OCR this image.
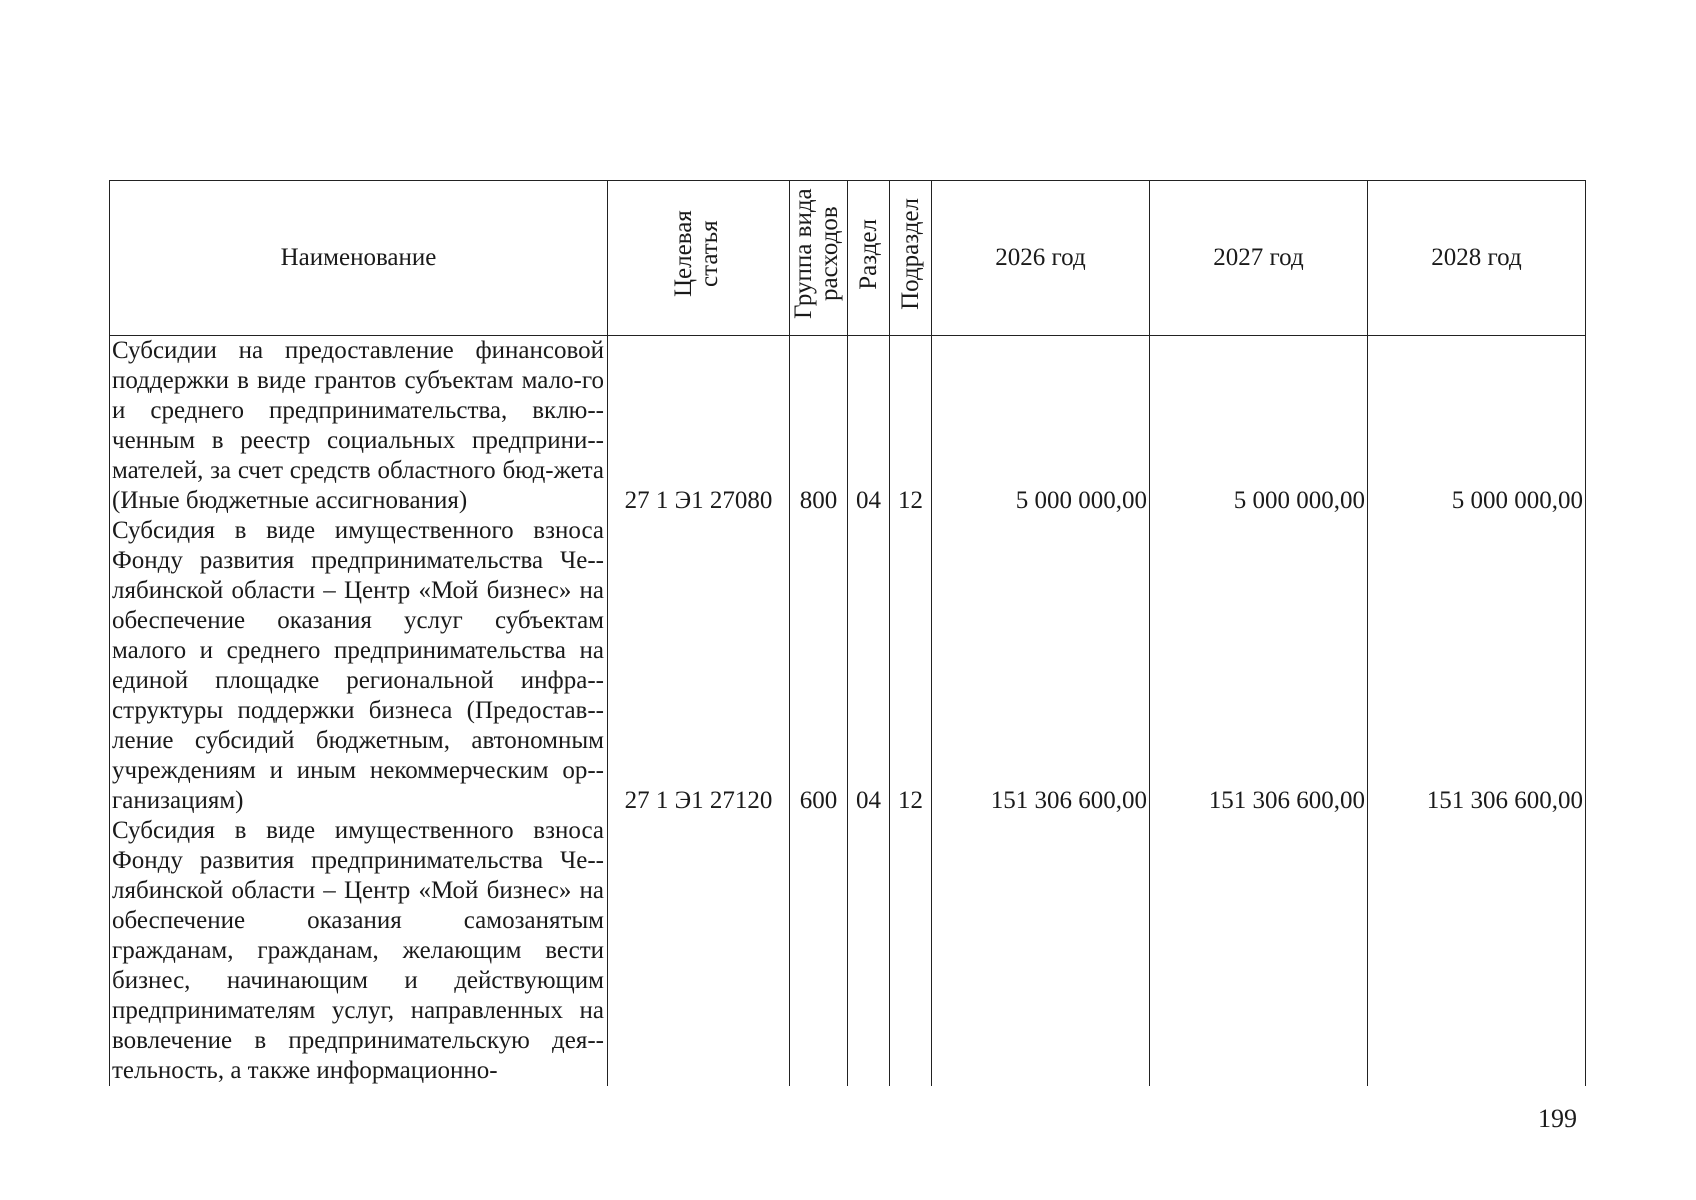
Наименование	Целевая статья	Группа вида расходов	Раздел	Подраздел	2026 год	2027 год	2028 год
Субсидии на предоставление финансовой поддержки в виде грантов субъектам мало-го и среднего предпринимательства, вклю-ченным в реестр социальных предприни-мателей, за счет средств областного бюд-жета (Иные бюджетные ассигнования)	27 1 Э1 27080	800	04	12	5 000 000,00	5 000 000,00	5 000 000,00
Субсидия в виде имущественного взноса Фонду развития предпринимательства Че-лябинской области – Центр «Мой бизнес» на обеспечение оказания услуг субъектам малого и среднего предпринимательства на единой площадке региональной инфра-структуры поддержки бизнеса (Предостав-ление субсидий бюджетным, автономным учреждениям и иным некоммерческим ор-ганизациям)	27 1 Э1 27120	600	04	12	151 306 600,00	151 306 600,00	151 306 600,00
Субсидия в виде имущественного взноса Фонду развития предпринимательства Че-лябинской области – Центр «Мой бизнес» на обеспечение оказания самозанятым гражданам, гражданам, желающим вести бизнес, начинающим и действующим предпринимателям услуг, направленных на вовлечение в предпринимательскую дея-тельность, а также информационно-							
199
